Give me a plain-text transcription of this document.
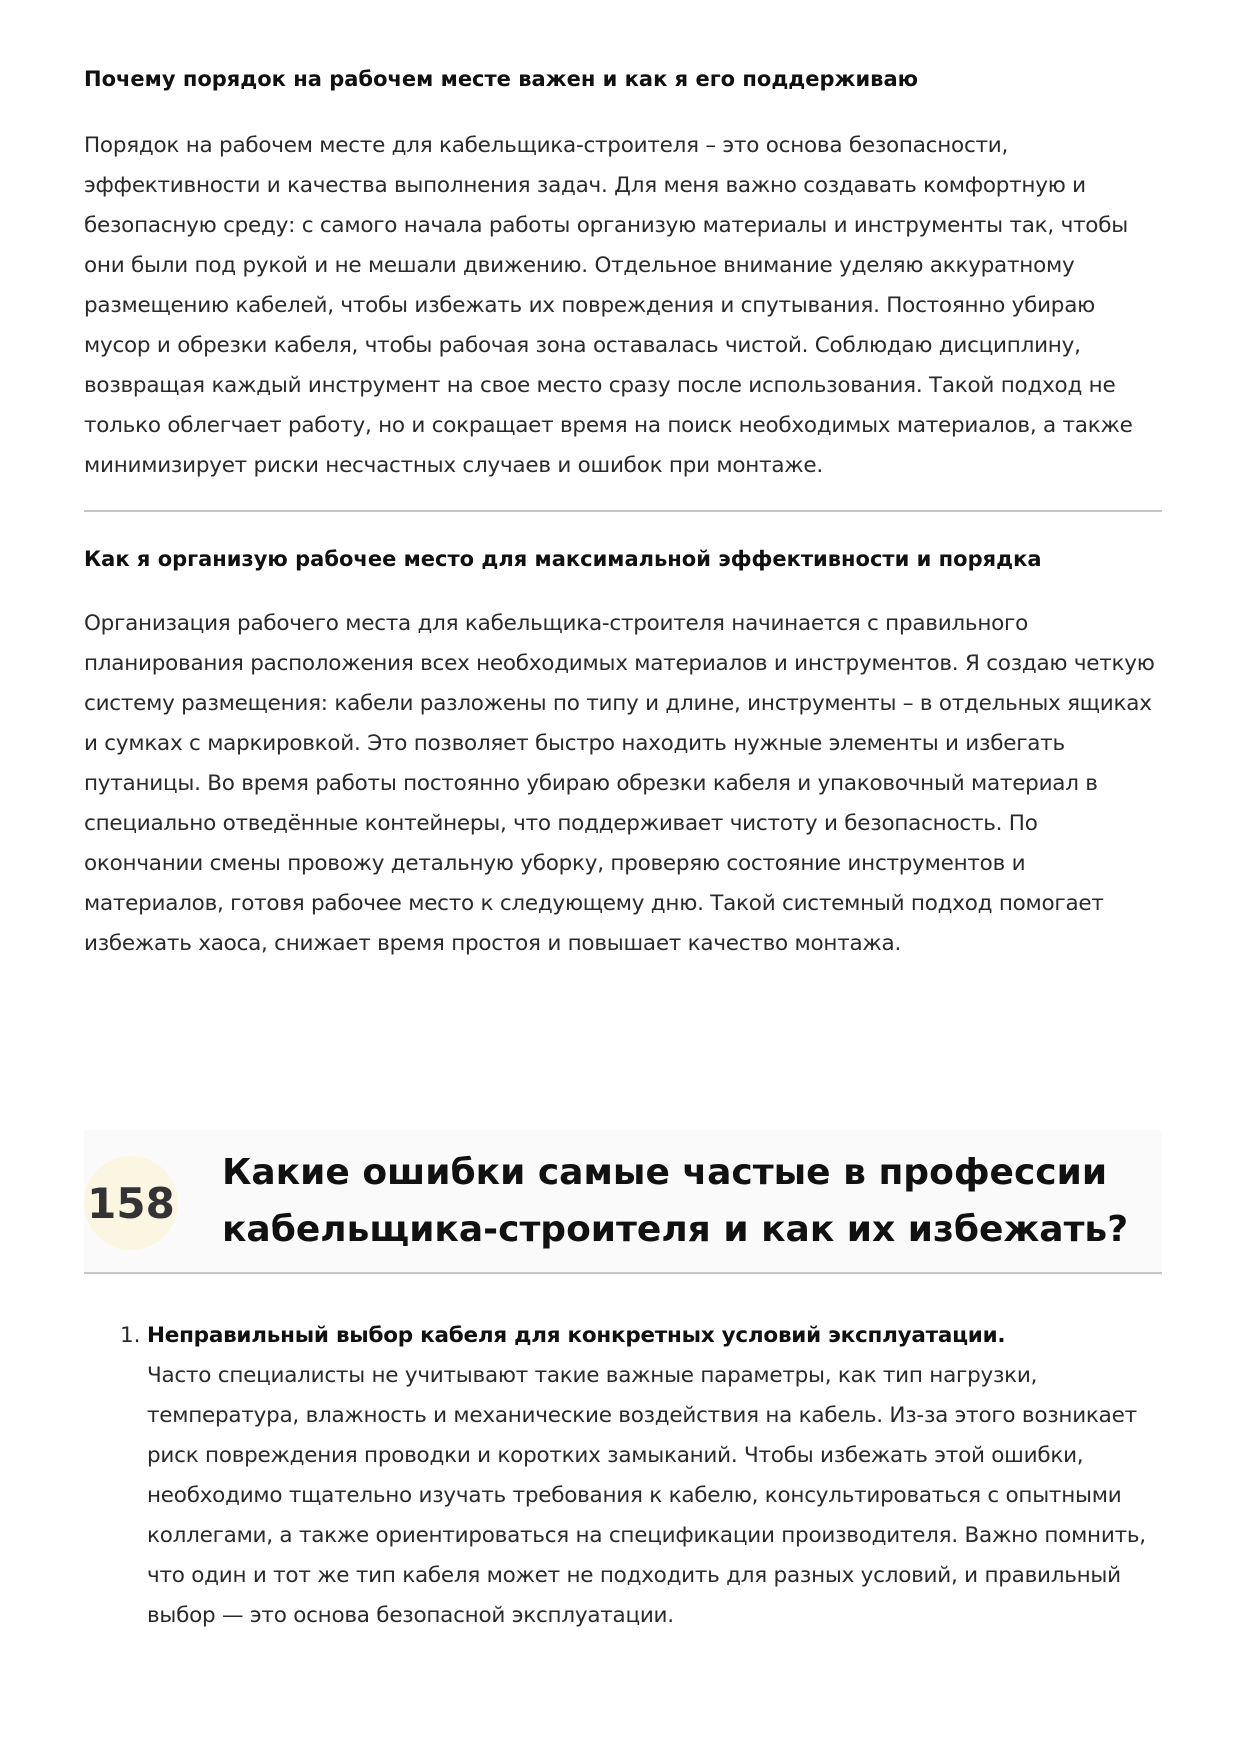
Почему порядок на рабочем месте важен и как я его поддерживаю

Порядок на рабочем месте для кабельщика-строителя – это основа безопасности, эффективности и качества выполнения задач. Для меня важно создавать комфортную и безопасную среду: с самого начала работы организую материалы и инструменты так, чтобы они были под рукой и не мешали движению. Отдельное внимание уделяю аккуратному размещению кабелей, чтобы избежать их повреждения и спутывания. Постоянно убираю мусор и обрезки кабеля, чтобы рабочая зона оставалась чистой. Соблюдаю дисциплину, возвращая каждый инструмент на свое место сразу после использования. Такой подход не только облегчает работу, но и сокращает время на поиск необходимых материалов, а также минимизирует риски несчастных случаев и ошибок при монтаже.

Как я организую рабочее место для максимальной эффективности и порядка

Организация рабочего места для кабельщика-строителя начинается с правильного планирования расположения всех необходимых материалов и инструментов. Я создаю четкую систему размещения: кабели разложены по типу и длине, инструменты – в отдельных ящиках и сумках с маркировкой. Это позволяет быстро находить нужные элементы и избегать путаницы. Во время работы постоянно убираю обрезки кабеля и упаковочный материал в специально отведённые контейнеры, что поддерживает чистоту и безопасность. По окончании смены провожу детальную уборку, проверяю состояние инструментов и материалов, готовя рабочее место к следующему дню. Такой системный подход помогает избежать хаоса, снижает время простоя и повышает качество монтажа.

158
Какие ошибки самые частые в профессии кабельщика-строителя и как их избежать?
1. Неправильный выбор кабеля для конкретных условий эксплуатации.
Часто специалисты не учитывают такие важные параметры, как тип нагрузки, температура, влажность и механические воздействия на кабель. Из-за этого возникает риск повреждения проводки и коротких замыканий. Чтобы избежать этой ошибки, необходимо тщательно изучать требования к кабелю, консультироваться с опытными коллегами, а также ориентироваться на спецификации производителя. Важно помнить, что один и тот же тип кабеля может не подходить для разных условий, и правильный выбор — это основа безопасной эксплуатации.
